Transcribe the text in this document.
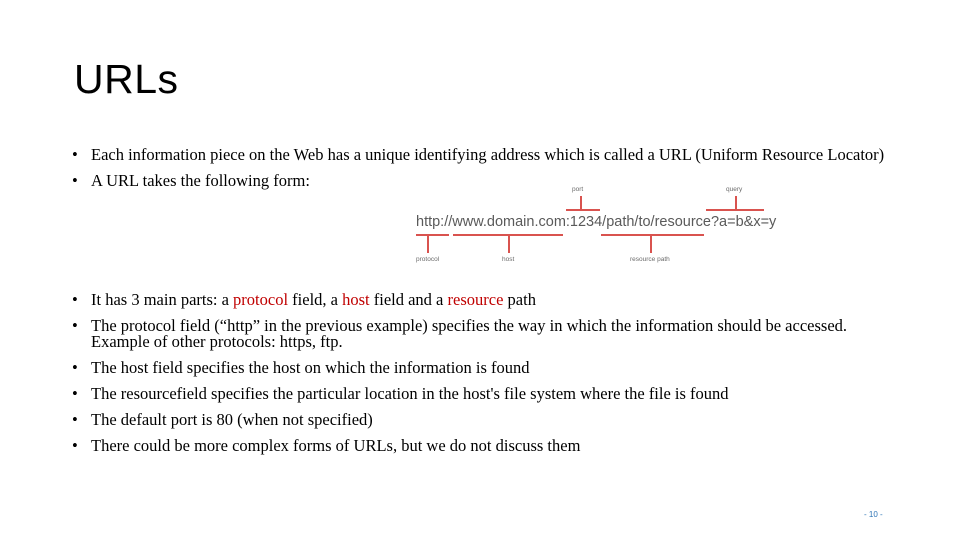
URLs
• Each information piece on the Web has a unique identifying address which is called a URL (Uniform Resource Locator)
• A URL takes the following form:	port	query
http://www.domain.com:1234/path/to/resource?a=b&x=y
protocol	host	resource path
• It has 3 main parts: a protocol field, a host field and a resource path
• The protocol field (“http” in the previous example) specifies the way in which the information should be accessed. Example of other protocols: https, ftp.
• The host field specifies the host on which the information is found
• The resourcefield specifies the particular location in the host's file system where the file is found
• The default port is 80 (when not specified)
• There could be more complex forms of URLs, but we do not discuss them
- 10 -
